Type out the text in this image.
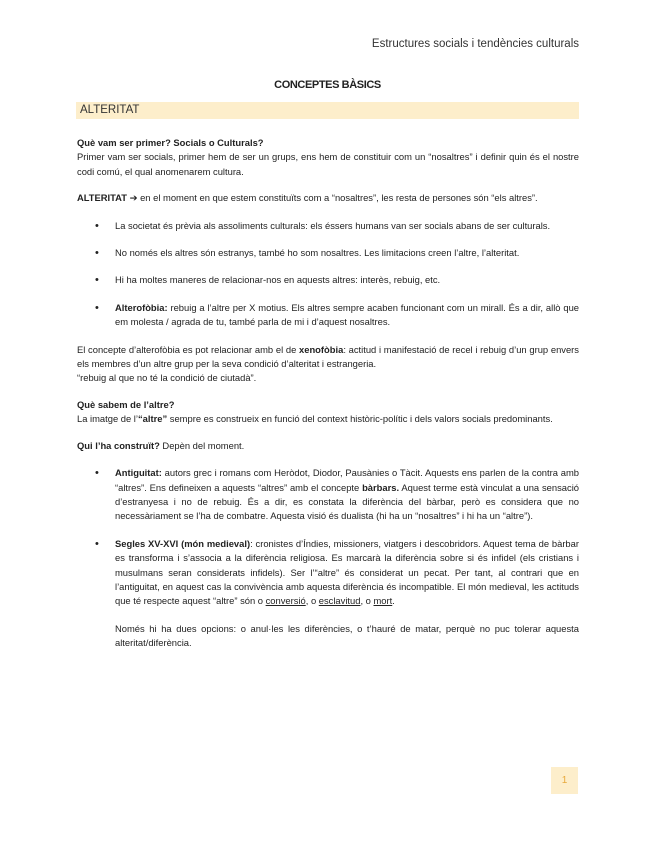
Estructures socials i tendències culturals
CONCEPTES BÀSICS
ALTERITAT

Què vam ser primer? Socials o Culturals?

Primer vam ser socials, primer hem de ser un grups, ens hem de constituir com un “nosaltres” i definir quin és el nostre codi comú, el qual anomenarem cultura.

ALTERITAT ➔ en el moment en que estem constituïts com a “nosaltres”, les resta de persones són “els altres”.

• La societat és prèvia als assoliments culturals: els éssers humans van ser socials abans de ser culturals.
• No només els altres són estranys, també ho som nosaltres. Les limitacions creen l’altre, l’alteritat.
• Hi ha moltes maneres de relacionar-nos en aquests altres: interès, rebuig, etc.
• Alterofòbia: rebuig a l’altre per X motius. Els altres sempre acaben funcionant com un mirall. És a dir, allò que em molesta / agrada de tu, també parla de mi i d’aquest nosaltres.

El concepte d’alterofòbia es pot relacionar amb el de xenofòbia: actitud i manifestació de recel i rebuig d’un grup envers els membres d’un altre grup per la seva condició d’alteritat i estrangeria.

“rebuig al que no té la condició de ciutadà”.

Què sabem de l’altre?

La imatge de l’“altre” sempre es construeix en funció del context històric-polític i dels valors socials predominants.

Qui l’ha construït? Depèn del moment.

• Antiguitat: autors grec i romans com Heròdot, Diodor, Pausànies o Tàcit. Aquests ens parlen de la contra amb “altres”. Ens defineixen a aquests “altres” amb el concepte bàrbars. Aquest terme està vinculat a una sensació d’estranyesa i no de rebuig. És a dir, es constata la diferència del bàrbar, però es considera que no necessàriament se l’ha de combatre. Aquesta visió és dualista (hi ha un “nosaltres” i hi ha un “altre”).
• Segles XV-XVI (món medieval): cronistes d’Índies, missioners, viatgers i descobridors. Aquest tema de bàrbar es transforma i s’associa a la diferència religiosa. Es marcarà la diferència sobre si és infidel (els cristians i musulmans seran considerats infidels). Ser l’“altre” és considerat un pecat. Per tant, al contrari que en l’antiguitat, en aquest cas la convivència amb aquesta diferència és incompatible. El món medieval, les actituds que té respecte aquest “altre” són o conversió, o esclavitud, o mort.

Només hi ha dues opcions: o anul·les les diferències, o t’hauré de matar, perquè no puc tolerar aquesta alteritat/diferència.

1
